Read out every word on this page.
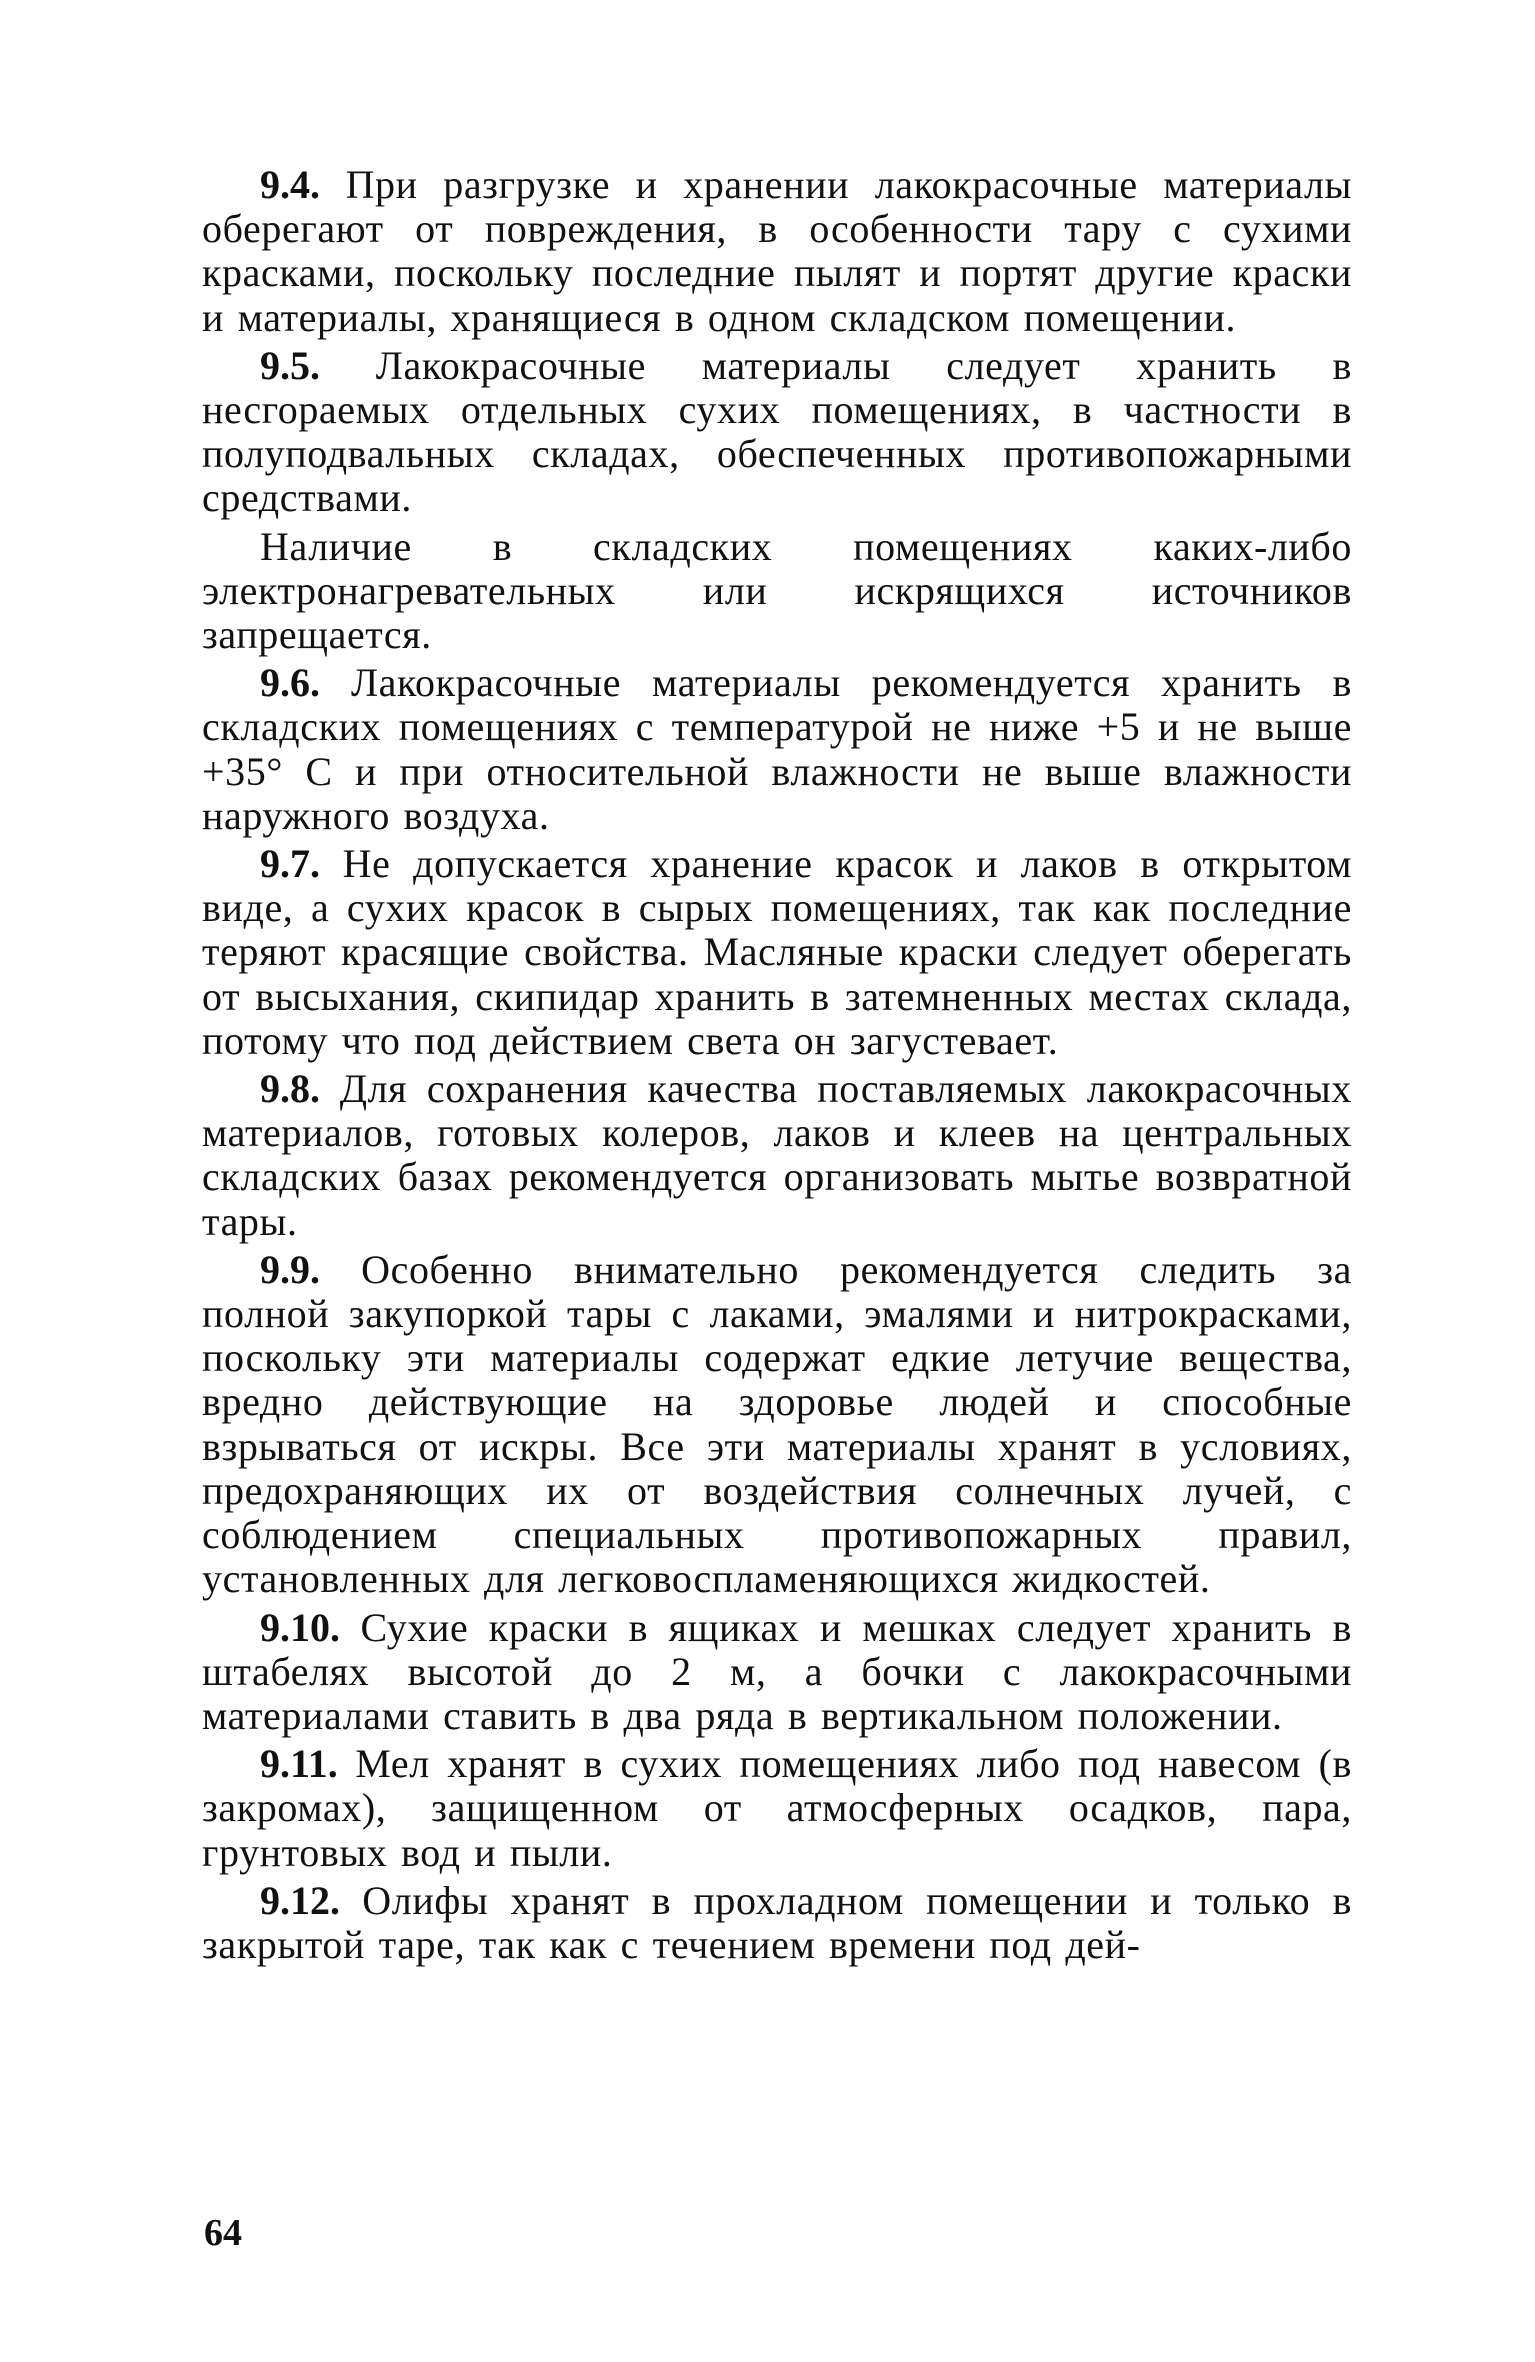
9.4. При разгрузке и хранении лакокрасочные материалы оберегают от повреждения, в особенности тару с сухими красками, поскольку последние пылят и портят другие краски и материалы, хранящиеся в одном складском помещении.

9.5. Лакокрасочные материалы следует хранить в несгораемых отдельных сухих помещениях, в частности в полуподвальных складах, обеспеченных противопожарными средствами.

Наличие в складских помещениях каких-либо электронагревательных или искрящихся источников запрещается.

9.6. Лакокрасочные материалы рекомендуется хранить в складских помещениях с температурой не ниже +5 и не выше +35° С и при относительной влажности не выше влажности наружного воздуха.

9.7. Не допускается хранение красок и лаков в открытом виде, а сухих красок в сырых помещениях, так как последние теряют красящие свойства. Масляные краски следует оберегать от высыхания, скипидар хранить в затемненных местах склада, потому что под действием света он загустевает.

9.8. Для сохранения качества поставляемых лакокрасочных материалов, готовых колеров, лаков и клеев на центральных складских базах рекомендуется организовать мытье возвратной тары.

9.9. Особенно внимательно рекомендуется следить за полной закупоркой тары с лаками, эмалями и нитрокрасками, поскольку эти материалы содержат едкие летучие вещества, вредно действующие на здоровье людей и способные взрываться от искры. Все эти материалы хранят в условиях, предохраняющих их от воздействия солнечных лучей, с соблюдением специальных противопожарных правил, установленных для легковоспламеняющихся жидкостей.

9.10. Сухие краски в ящиках и мешках следует хранить в штабелях высотой до 2 м, а бочки с лакокрасочными материалами ставить в два ряда в вертикальном положении.

9.11. Мел хранят в сухих помещениях либо под навесом (в закромах), защищенном от атмосферных осадков, пара, грунтовых вод и пыли.

9.12. Олифы хранят в прохладном помещении и только в закрытой таре, так как с течением времени под дей-

64
